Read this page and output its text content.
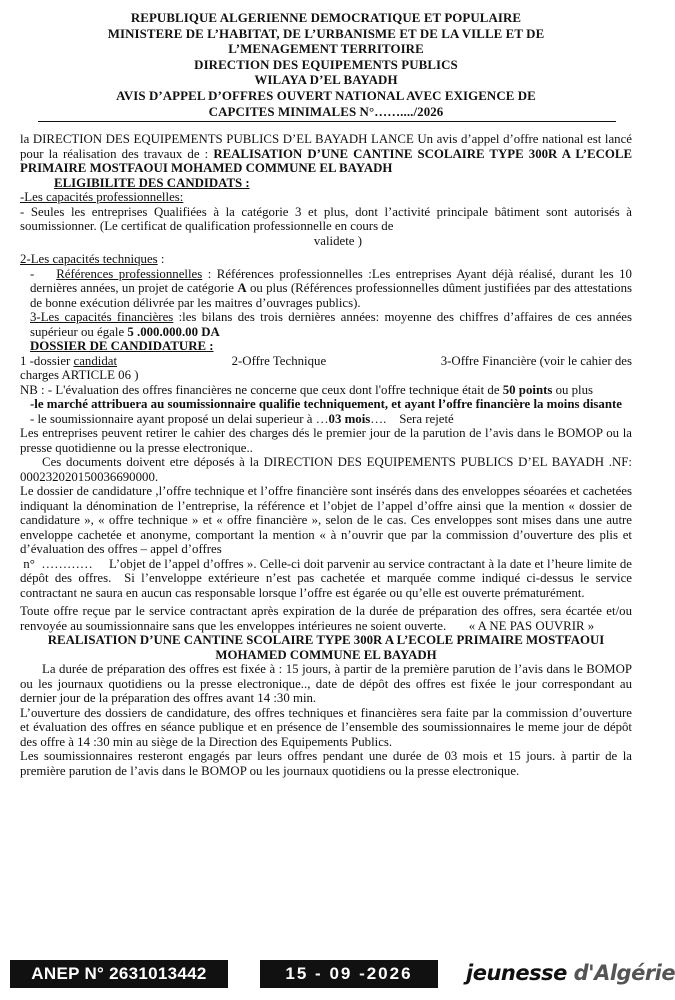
REPUBLIQUE ALGERIENNE DEMOCRATIQUE ET POPULAIRE
MINISTERE DE L’HABITAT, DE L’URBANISME ET DE LA VILLE ET DE
L’MENAGEMENT TERRITOIRE
DIRECTION DES EQUIPEMENTS PUBLICS
WILAYA D’EL BAYADH
AVIS D’APPEL D’OFFRES OUVERT NATIONAL AVEC EXIGENCE DE
CAPCITES MINIMALES N°……..../2026

la DIRECTION DES EQUIPEMENTS PUBLICS D’EL BAYADH LANCE Un avis d’appel d’offre national est lancé pour la réalisation des travaux de : REALISATION D’UNE CANTINE SCOLAIRE TYPE 300R A L’ECOLE PRIMAIRE MOSTFAOUI MOHAMED COMMUNE EL BAYADH

ELIGIBILITE DES CANDIDATS :

-Les capacités professionnelles:

- Seules les entreprises Qualifiées à la catégorie 3 et plus, dont l’activité principale bâtiment sont autorisés à soumissionner. (Le certificat de qualification professionnelle en cours de

validete )

2-Les capacités techniques :

-    Références professionnelles : Références professionnelles :Les entreprises Ayant déjà réalisé, durant les 10 dernières années, un projet de catégorie A ou plus (Références professionnelles dûment justifiées par des attestations de bonne exécution délivrée par les maitres d’ouvrages publics).

3-Les capacités financières :les bilans des trois dernières années: moyenne des chiffres d’affaires de ces années supérieur ou égale 5 .000.000.00 DA

DOSSIER DE CANDIDATURE :

1 -dossier candidat	2-Offre Technique	3-Offre Financière (voir le cahier des

charges ARTICLE 06 )

NB : - L'évaluation des offres financières ne concerne que ceux dont l'offre technique était de 50 points ou plus

-le marché attribuera au soumissionnaire qualifie techniquement, et ayant l’offre financière la moins disante

- le soumissionnaire ayant proposé un delai superieur à …03 mois….    Sera rejeté

Les entreprises peuvent retirer le cahier des charges dés le premier jour de la parution de l’avis dans le BOMOP ou la presse quotidienne ou la presse electronique..

Ces documents doivent etre déposés à la DIRECTION DES EQUIPEMENTS PUBLICS D’EL BAYADH .NF: 000232020150036690000.

Le dossier de candidature ,l’offre technique et l’offre financière sont insérés dans des enveloppes séoarées et cachetées indiquant la dénomination de l’entreprise, la référence et l’objet de l’appel d’offre ainsi que la mention « dossier de candidature », « offre technique » et « offre financière », selon de le cas. Ces enveloppes sont mises dans une autre enveloppe cachetée et anonyme, comportant la mention « à n’ouvrir que par la commission d’ouverture des plis et d’évaluation des offres – appel d’offres

n°  …………     L’objet de l’appel d’offres ». Celle-ci doit parvenir au service contractant à la date et l’heure limite de dépôt des offres.  Si l’enveloppe extérieure n’est pas cachetée et marquée comme indiqué ci-dessus le service contractant ne saura en aucun cas responsable lorsque l’offre est égarée ou qu’elle est ouverte prématurément.

Toute offre reçue par le service contractant après expiration de la durée de préparation des offres, sera écartée et/ou renvoyée au soumissionnaire sans que les enveloppes intérieures ne soient ouverte.       « A NE PAS OUVRIR »

REALISATION D’UNE CANTINE SCOLAIRE TYPE 300R A L’ECOLE PRIMAIRE MOSTFAOUI MOHAMED COMMUNE EL BAYADH

La durée de préparation des offres est fixée à : 15 jours, à partir de la première parution de l’avis dans le BOMOP ou les journaux quotidiens ou la presse electronique.., date de dépôt des offres est fixée le jour correspondant au dernier jour de la préparation des offres avant 14 :30 min.

L’ouverture des dossiers de candidature, des offres techniques et financières sera faite par la commission d’ouverture et évaluation des offres en séance publique et en présence de l’ensemble des soumissionnaires le meme jour de dépôt des offre à 14 :30 min au siège de la Direction des Equipements Publics.

Les soumissionnaires resteront engagés par leurs offres pendant une durée de 03 mois et 15 jours. à partir de la première parution de l’avis dans le BOMOP ou les journaux quotidiens ou la presse electronique.

ANEP N° 2631013442	15 - 09 -2026	jeunesse d'Algérie
